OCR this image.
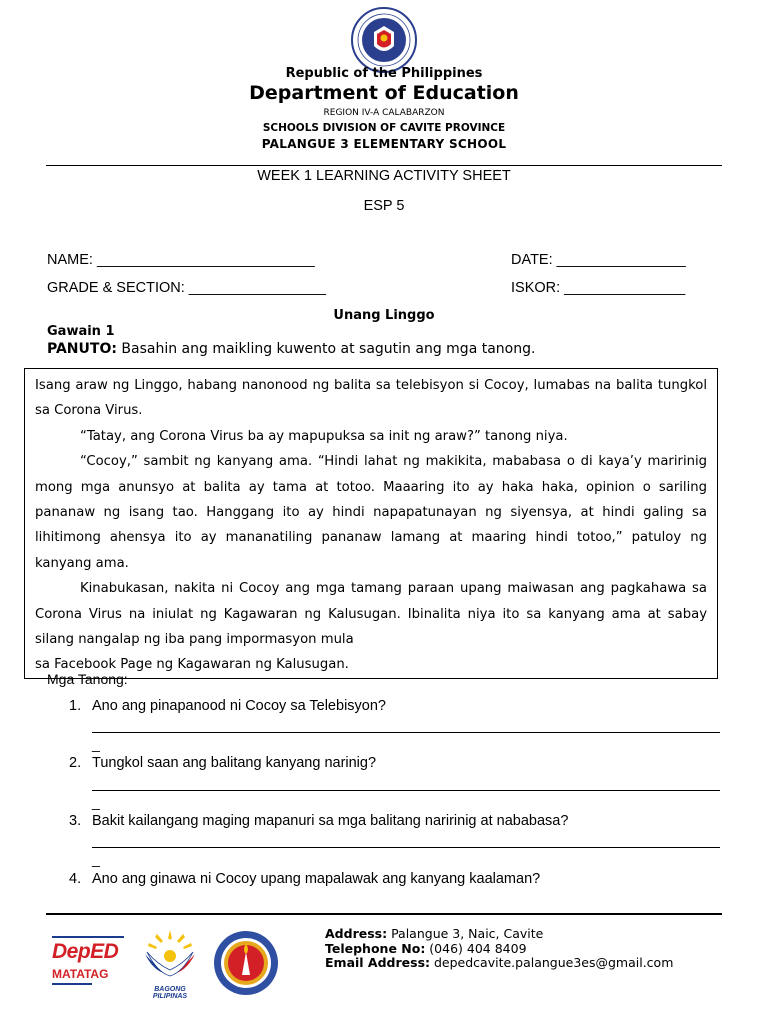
Republic of the Philippines
Department of Education
REGION IV-A CALABARZON
SCHOOLS DIVISION OF CAVITE PROVINCE
PALANGUE 3 ELEMENTARY SCHOOL
WEEK 1 LEARNING ACTIVITY SHEET
ESP 5
NAME: ___________________________	DATE: ________________
GRADE & SECTION: _________________	ISKOR: _______________
Unang Linggo
Gawain 1
PANUTO: Basahin ang maikling kuwento at sagutin ang mga tanong.

Isang araw ng Linggo, habang nanonood ng balita sa telebisyon si Cocoy, lumabas na balita tungkol sa Corona Virus.

“Tatay, ang Corona Virus ba ay mapupuksa sa init ng araw?” tanong niya.

“Cocoy,” sambit ng kanyang ama. “Hindi lahat ng makikita, mababasa o di kaya’y maririnig mong mga anunsyo at balita ay tama at totoo. Maaaring ito ay haka haka, opinion o sariling pananaw ng isang tao. Hanggang ito ay hindi napapatunayan ng siyensya, at hindi galing sa lihitimong ahensya ito ay mananatiling pananaw lamang at maaring hindi totoo,” patuloy ng kanyang ama.

Kinabukasan, nakita ni Cocoy ang mga tamang paraan upang maiwasan ang pagkahawa sa Corona Virus na iniulat ng Kagawaran ng Kalusugan. Ibinalita niya ito sa kanyang ama at sabay silang nangalap ng iba pang impormasyon mula

sa Facebook Page ng Kagawaran ng Kalusugan.

Mga Tanong:
1. Ano ang pinapanood ni Cocoy sa Telebisyon?
_
2. Tungkol saan ang balitang kanyang narinig?
_
3. Bakit kailangang maging mapanuri sa mga balitang naririnig at nababasa?
_
4. Ano ang ginawa ni Cocoy upang mapalawak ang kanyang kaalaman?
DepED
MATATAG
BAGONG PILIPINAS
Address: Palangue 3, Naic, Cavite
Telephone No: (046) 404 8409
Email Address: depedcavite.palangue3es@gmail.com
